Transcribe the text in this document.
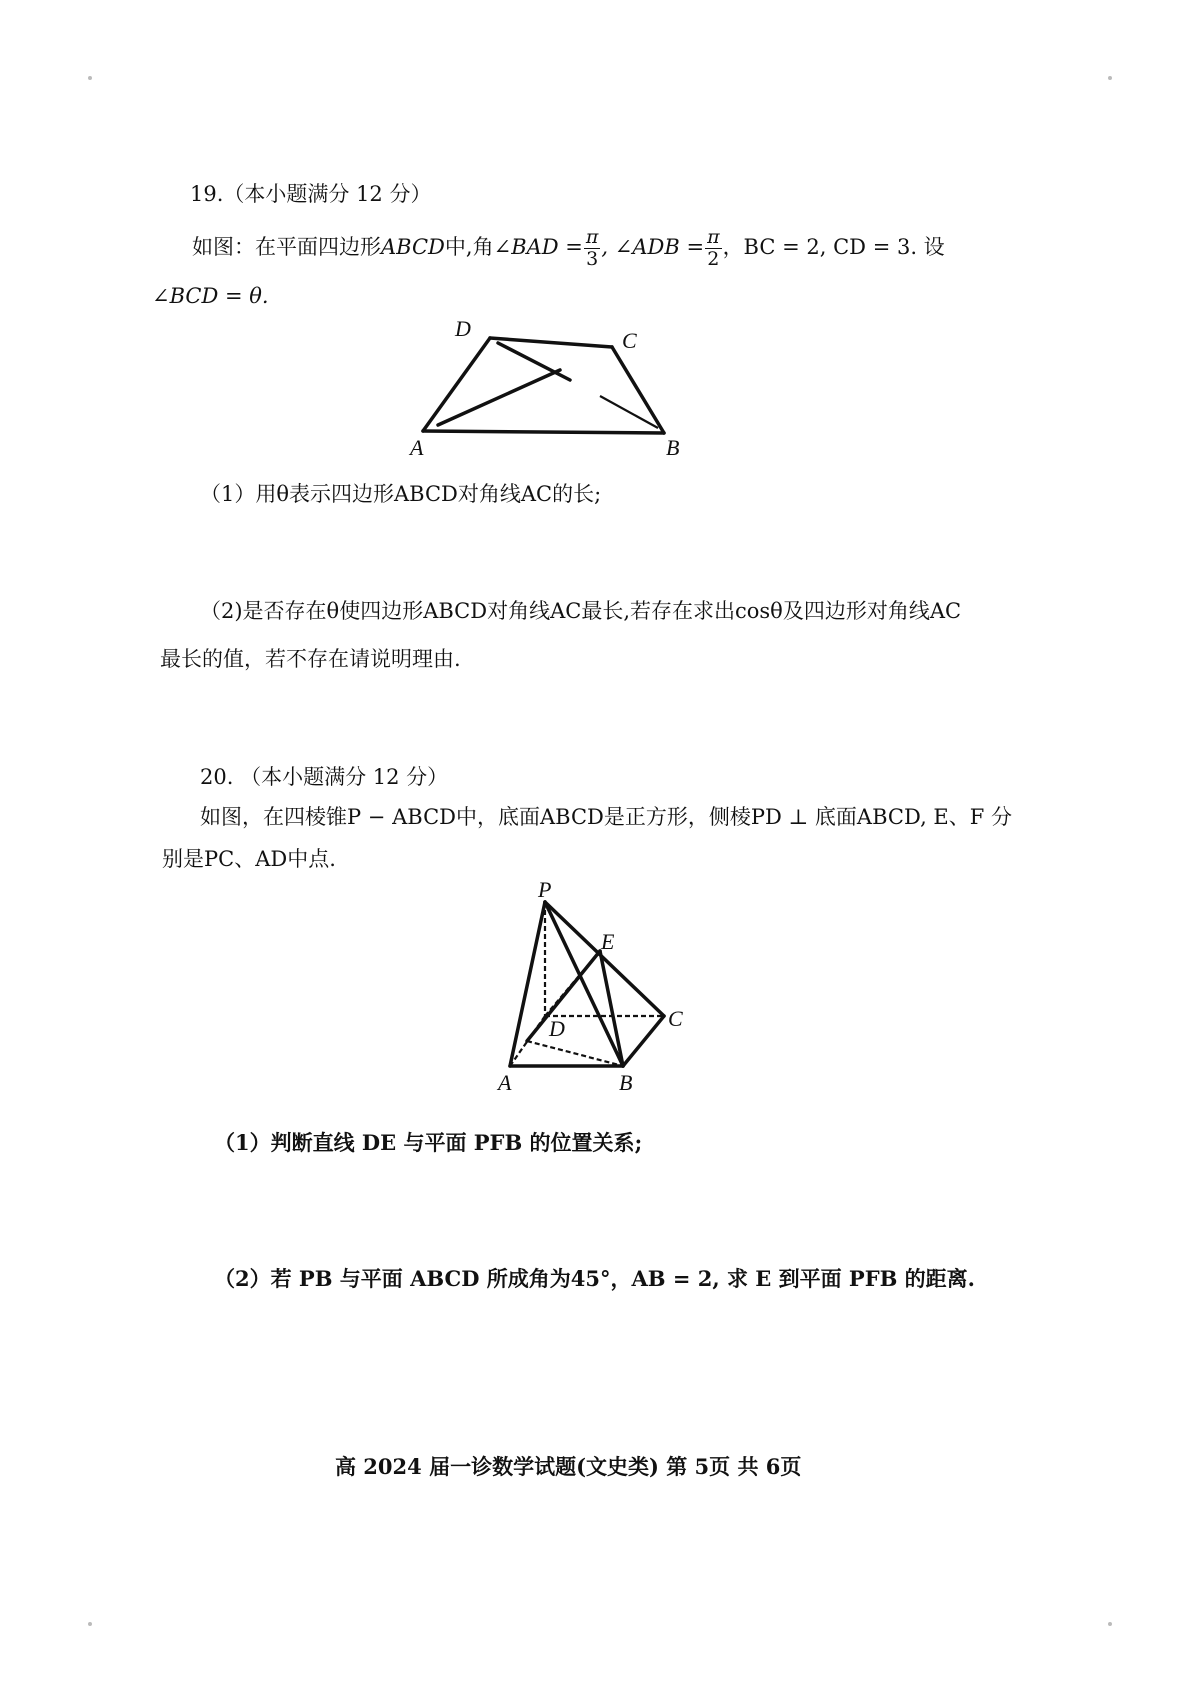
19.（本小题满分 12 分）
如图：在平面四边形ABCD中,角∠BAD = $\frac{\pi}{3}$ , ∠ADB = $\frac{\pi}{2}$ ，BC = 2, CD = 3. 设
∠BCD = θ.
A	B
C
D
（1）用θ表示四边形ABCD对角线AC的长;
（2)是否存在θ使四边形ABCD对角线AC最长,若存在求出cosθ及四边形对角线AC
最长的值，若不存在请说明理由.
20. （本小题满分 12 分）
如图，在四棱锥P − ABCD中，底面ABCD是正方形，侧棱PD ⊥ 底面ABCD, E、F 分
别是PC、AD中点.
P
E
D	C
A	B
（1）判断直线 DE 与平面 PFB 的位置关系;
（2）若 PB 与平面 ABCD 所成角为45°，AB = 2, 求 E 到平面 PFB 的距离.
高 2024 届一诊数学试题(文史类) 第 5页 共 6页
